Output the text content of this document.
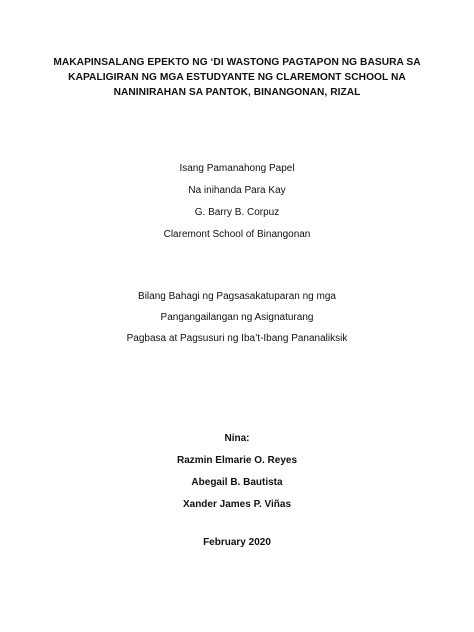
MAKAPINSALANG EPEKTO NG ‘DI WASTONG PAGTAPON NG BASURA SA
KAPALIGIRAN NG MGA ESTUDYANTE NG CLAREMONT SCHOOL NA
NANINIRAHAN SA PANTOK, BINANGONAN, RIZAL
Isang Pamanahong Papel
Na inihanda Para Kay
G. Barry B. Corpuz
Claremont School of Binangonan
Bilang Bahagi ng Pagsasakatuparan ng mga
Pangangailangan ng Asignaturang
Pagbasa at Pagsusuri ng Iba’t-Ibang Pananaliksik
Nina:
Razmin Elmarie O. Reyes
Abegail B. Bautista
Xander James P. Viñas
February 2020
